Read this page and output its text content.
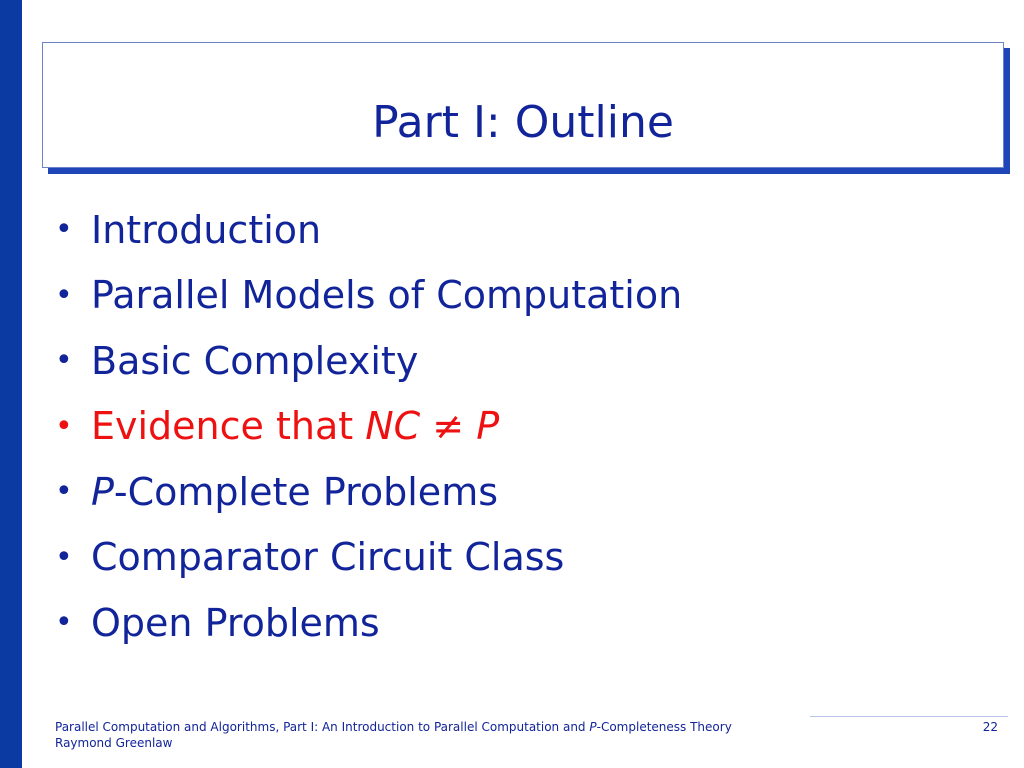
Part I: Outline
• Introduction
• Parallel Models of Computation
• Basic Complexity
• Evidence that NC ≠ P
• P-Complete Problems
• Comparator Circuit Class
• Open Problems
Parallel Computation and Algorithms, Part I: An Introduction to Parallel Computation and P-Completeness Theory
Raymond Greenlaw
22
